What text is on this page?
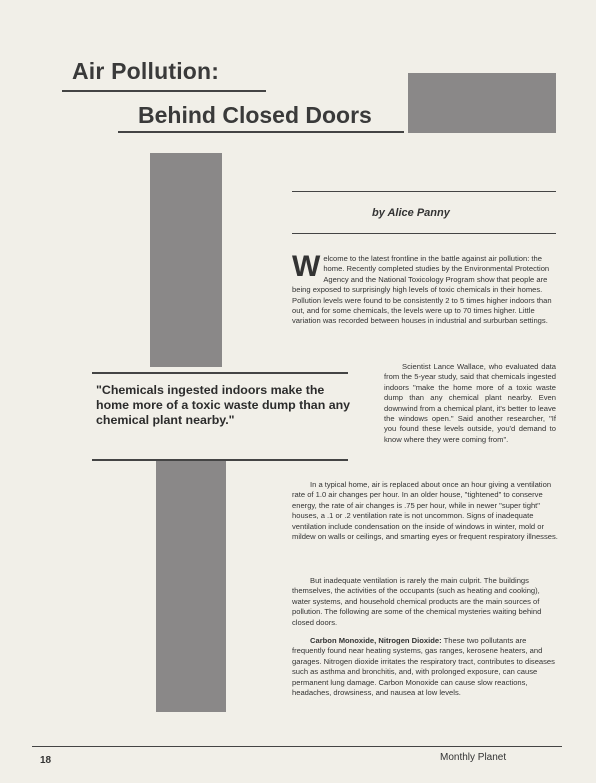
Air Pollution:
Behind Closed Doors
by Alice Panny

Welcome to the latest frontline in the battle against air pollution: the home. Recently completed studies by the Environmental Protection Agency and the National Toxicology Program show that people are being exposed to surprisingly high levels of toxic chemicals in their homes. Pollution levels were found to be consistently 2 to 5 times higher indoors than out, and for some chemicals, the levels were up to 70 times higher. Little variation was recorded between houses in industrial and surburban settings.

"Chemicals ingested indoors make the home more of a toxic waste dump than any chemical plant nearby."

Scientist Lance Wallace, who evaluated data from the 5-year study, said that chemicals ingested indoors "make the home more of a toxic waste dump than any chemical plant nearby. Even downwind from a chemical plant, it's better to leave the windows open." Said another researcher, "If you found these levels outside, you'd demand to know where they were coming from".

In a typical home, air is replaced about once an hour giving a ventilation rate of 1.0 air changes per hour. In an older house, "tightened" to conserve energy, the rate of air changes is .75 per hour, while in newer "super tight" houses, a .1 or .2 ventilation rate is not uncommon. Signs of inadequate ventilation include condensation on the inside of windows in winter, mold or mildew on walls or ceilings, and smarting eyes or frequent respiratory illnesses.

But inadequate ventilation is rarely the main culprit. The buildings themselves, the activities of the occupants (such as heating and cooking), water systems, and household chemical products are the main sources of pollution. The following are some of the chemical mysteries waiting behind closed doors.

Carbon Monoxide, Nitrogen Dioxide: These two pollutants are frequently found near heating systems, gas ranges, kerosene heaters, and garages. Nitrogen dioxide irritates the respiratory tract, contributes to diseases such as asthma and bronchitis, and, with prolonged exposure, can cause permanent lung damage. Carbon Monoxide can cause slow reactions, headaches, drowsiness, and nausea at low levels.

18	Monthly Planet
